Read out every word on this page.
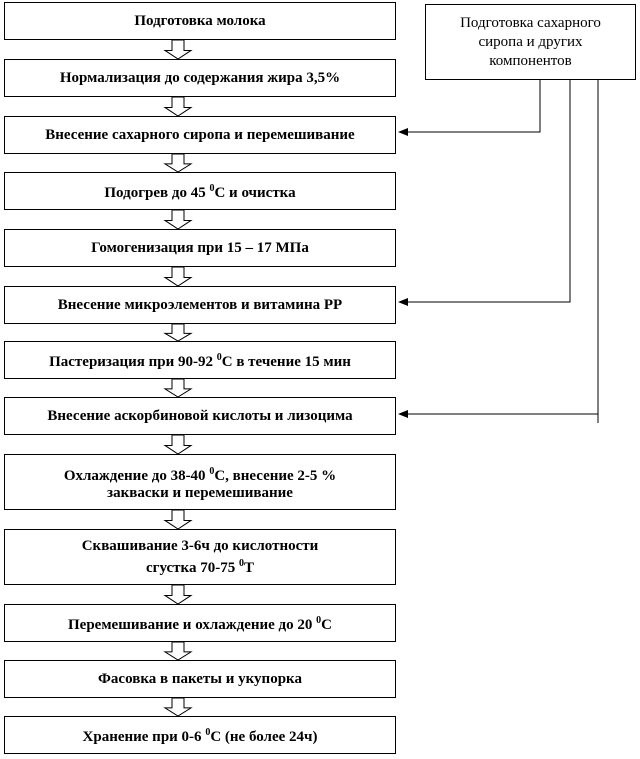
Подготовка молока
Нормализация до содержания жира 3,5%
Внесение сахарного сиропа и перемешивание
Подогрев до 45 $^0$С и очистка
Гомогенизация при 15 – 17 МПа
Внесение микроэлементов и витамина РР
Пастеризация при 90-92 $^0$С в течение 15 мин
Внесение аскорбиновой кислоты и лизоцима
Охлаждение до 38-40 $^0$С, внесение 2-5 %
закваски и перемешивание
Сквашивание 3-6ч до кислотности
сгустка 70-75 $^0$Т
Перемешивание и охлаждение до 20 $^0$С
Фасовка в пакеты и укупорка
Хранение при 0-6 $^0$С (не более 24ч)
Подготовка сахарного
сиропа и других
компонентов
